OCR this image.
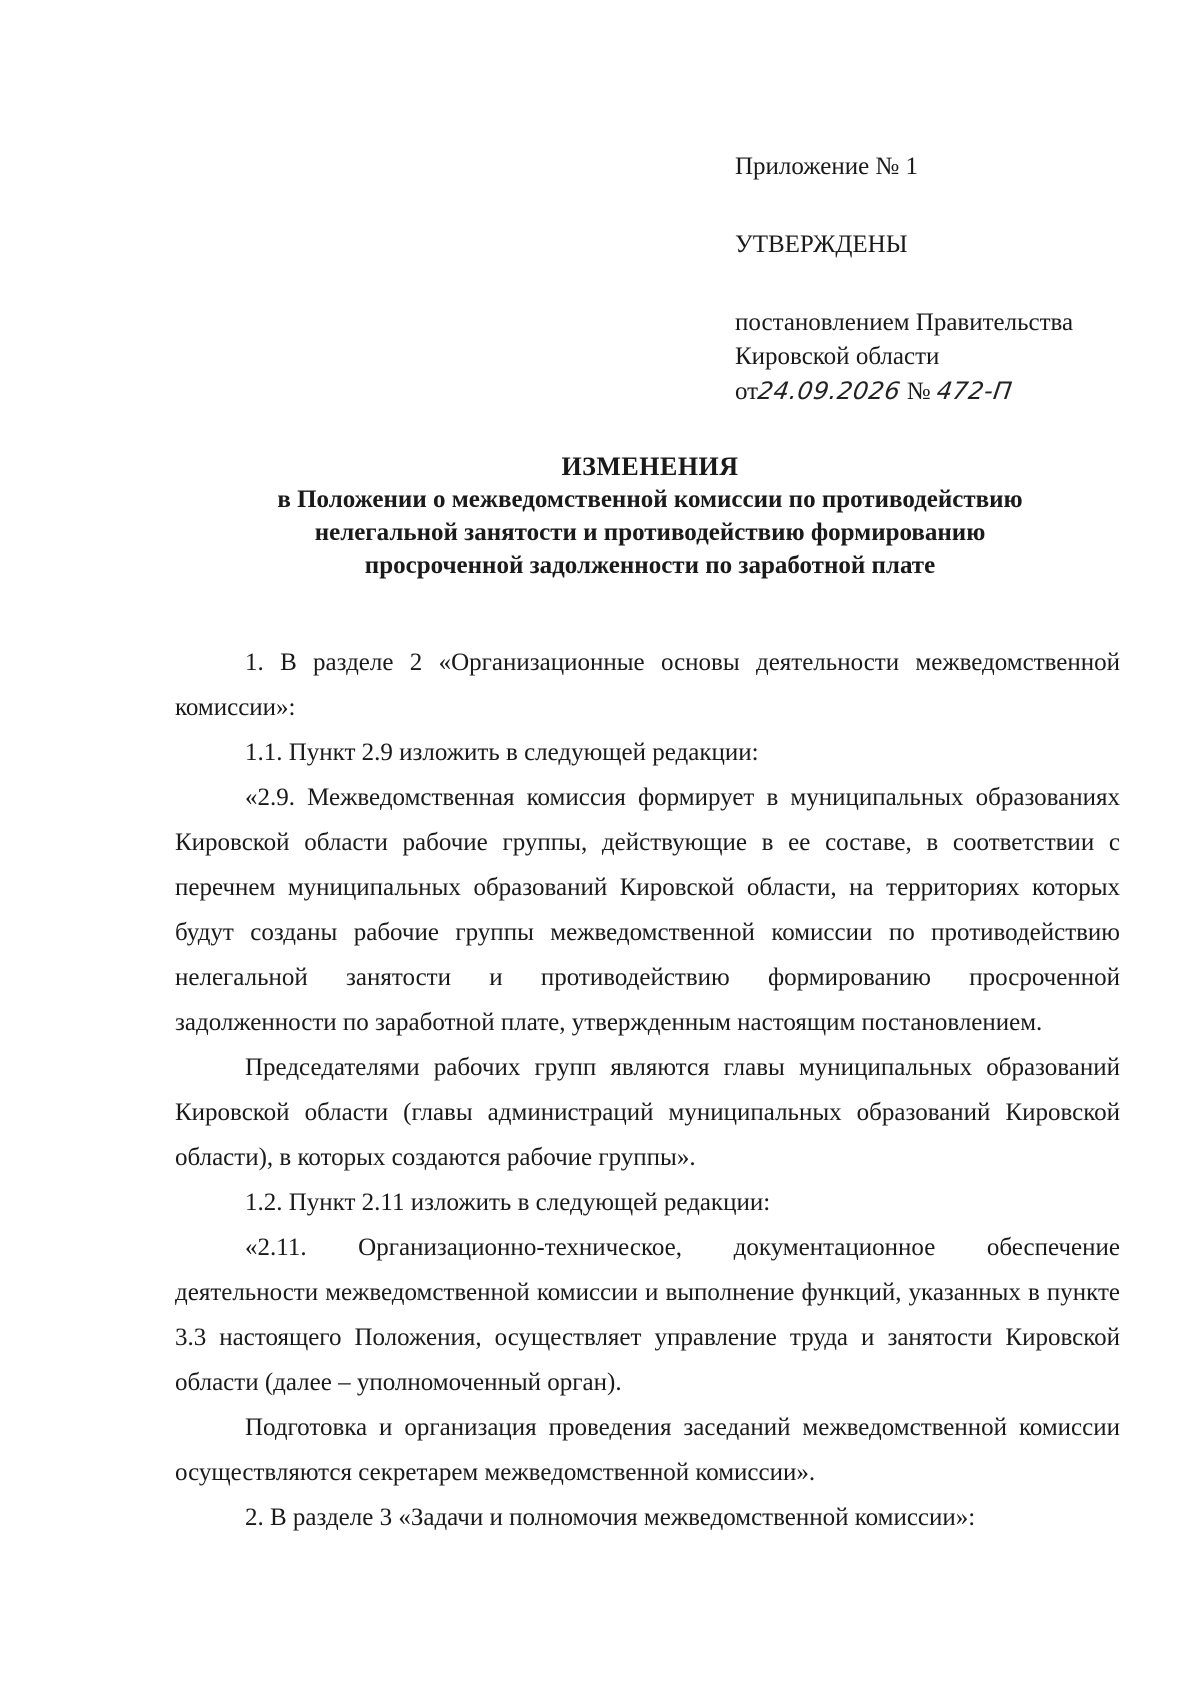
Приложение № 1
УТВЕРЖДЕНЫ
постановлением Правительства
Кировской области
от24.09.2026 № 472-П
ИЗМЕНЕНИЯ
в Положении о межведомственной комиссии по противодействию
нелегальной занятости и противодействию формированию
просроченной задолженности по заработной плате

1. В разделе 2 «Организационные основы деятельности межведомственной комиссии»:

1.1. Пункт 2.9 изложить в следующей редакции:

«2.9. Межведомственная комиссия формирует в муниципальных образованиях Кировской области рабочие группы, действующие в ее составе, в соответствии с перечнем муниципальных образований Кировской области, на территориях которых будут созданы рабочие группы межведомственной комиссии по противодействию нелегальной занятости и противодействию формированию просроченной задолженности по заработной плате, утвержденным настоящим постановлением.

Председателями рабочих групп являются главы муниципальных образований Кировской области (главы администраций муниципальных образований Кировской области), в которых создаются рабочие группы».

1.2. Пункт 2.11 изложить в следующей редакции:

«2.11. Организационно-техническое, документационное обеспечение деятельности межведомственной комиссии и выполнение функций, указанных в пункте 3.3 настоящего Положения, осуществляет управление труда и занятости Кировской области (далее – уполномоченный орган).

Подготовка и организация проведения заседаний межведомственной комиссии осуществляются секретарем межведомственной комиссии».

2. В разделе 3 «Задачи и полномочия межведомственной комиссии»:
